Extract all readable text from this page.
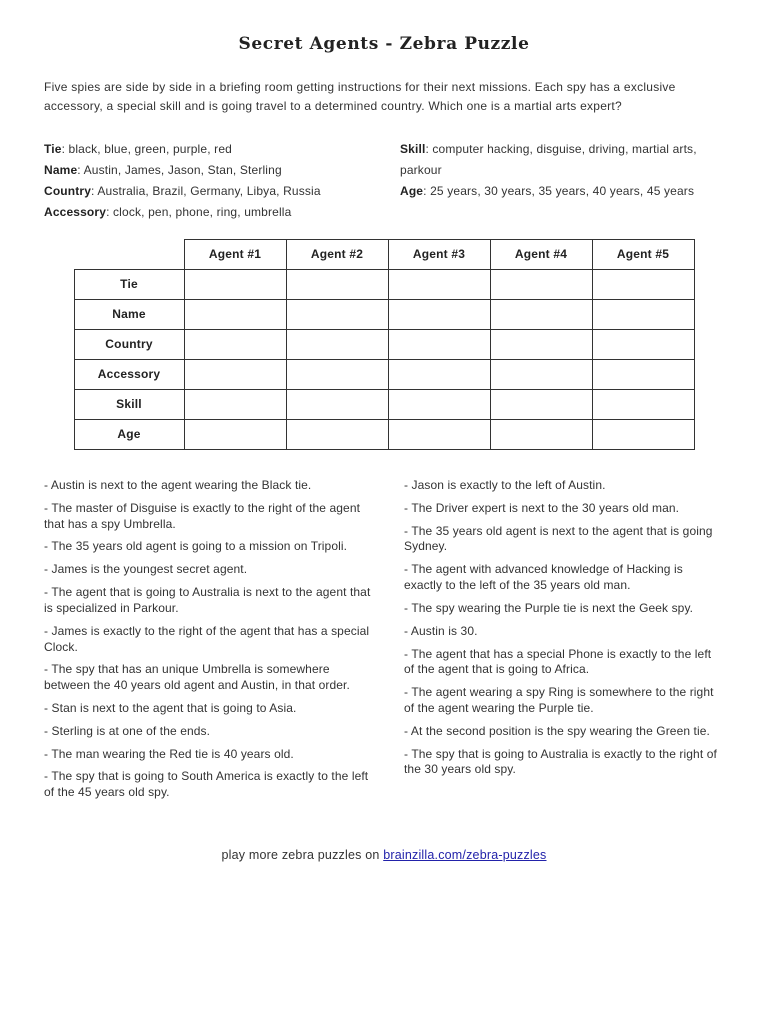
Secret Agents - Zebra Puzzle

Five spies are side by side in a briefing room getting instructions for their next missions. Each spy has a exclusive accessory, a special skill and is going travel to a determined country. Which one is a martial arts expert?

Tie: black, blue, green, purple, red
Name: Austin, James, Jason, Stan, Sterling
Country: Australia, Brazil, Germany, Libya, Russia
Accessory: clock, pen, phone, ring, umbrella
Skill: computer hacking, disguise, driving, martial arts, parkour
Age: 25 years, 30 years, 35 years, 40 years, 45 years
	Agent #1	Agent #2	Agent #3	Agent #4	Agent #5
Tie					
Name					
Country					
Accessory					
Skill					
Age					
- Austin is next to the agent wearing the Black tie.
- The master of Disguise is exactly to the right of the agent that has a spy Umbrella.
- The 35 years old agent is going to a mission on Tripoli.
- James is the youngest secret agent.
- The agent that is going to Australia is next to the agent that is specialized in Parkour.
- James is exactly to the right of the agent that has a special Clock.
- The spy that has an unique Umbrella is somewhere between the 40 years old agent and Austin, in that order.
- Stan is next to the agent that is going to Asia.
- Sterling is at one of the ends.
- The man wearing the Red tie is 40 years old.
- The spy that is going to South America is exactly to the left of the 45 years old spy.
- Jason is exactly to the left of Austin.
- The Driver expert is next to the 30 years old man.
- The 35 years old agent is next to the agent that is going Sydney.
- The agent with advanced knowledge of Hacking is exactly to the left of the 35 years old man.
- The spy wearing the Purple tie is next the Geek spy.
- Austin is 30.
- The agent that has a special Phone is exactly to the left of the agent that is going to Africa.
- The agent wearing a spy Ring is somewhere to the right of the agent wearing the Purple tie.
- At the second position is the spy wearing the Green tie.
- The spy that is going to Australia is exactly to the right of the 30 years old spy.
play more zebra puzzles on brainzilla.com/zebra-puzzles
